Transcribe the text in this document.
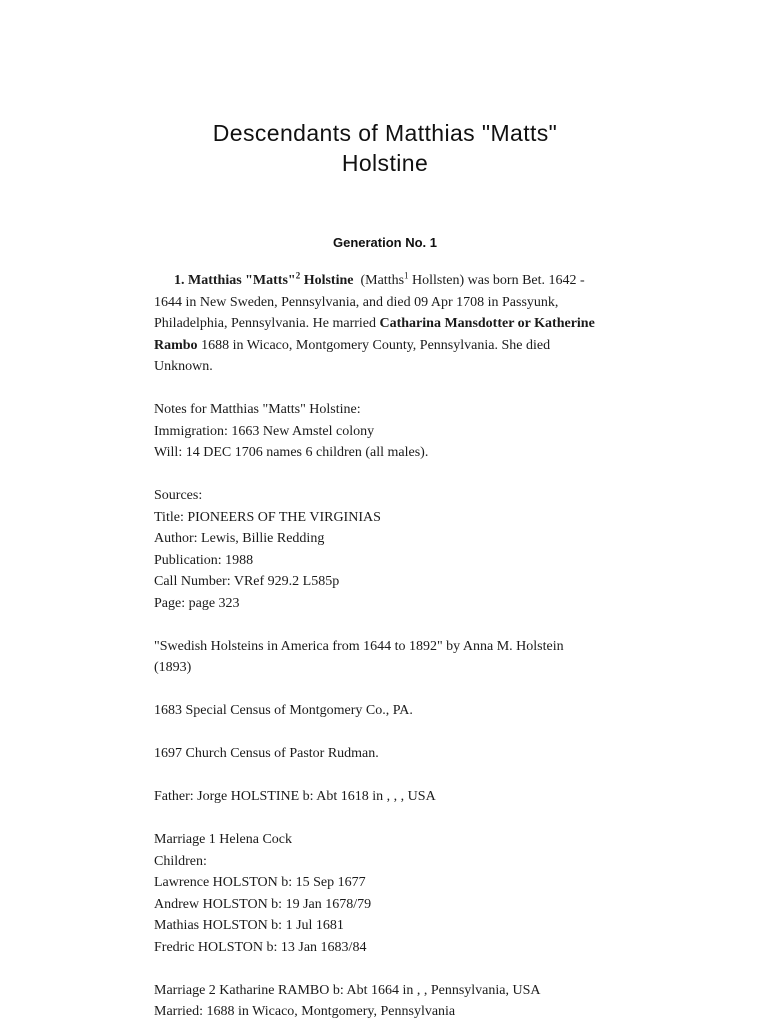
Descendants of Matthias "Matts"
Holstine
Generation No. 1

1. Matthias "Matts"$^2$ Holstine (Matths$^1$ Hollsten) was born Bet. 1642 - 1644 in New Sweden, Pennsylvania, and died 09 Apr 1708 in Passyunk, Philadelphia, Pennsylvania. He married Catharina Mansdotter or Katherine Rambo 1688 in Wicaco, Montgomery County, Pennsylvania. She died Unknown.

Notes for Matthias "Matts" Holstine:
Immigration: 1663 New Amstel colony
Will: 14 DEC 1706 names 6 children (all males).

Sources:
Title: PIONEERS OF THE VIRGINIAS
Author: Lewis, Billie Redding
Publication: 1988
Call Number: VRef 929.2 L585p
Page: page 323

"Swedish Holsteins in America from 1644 to 1892" by Anna M. Holstein (1893)

1683 Special Census of Montgomery Co., PA.

1697 Church Census of Pastor Rudman.

Father: Jorge HOLSTINE b: Abt 1618 in , , , USA

Marriage 1 Helena Cock
Children:
Lawrence HOLSTON b: 15 Sep 1677
Andrew HOLSTON b: 19 Jan 1678/79
Mathias HOLSTON b: 1 Jul 1681
Fredric HOLSTON b: 13 Jan 1683/84

Marriage 2 Katharine RAMBO b: Abt 1664 in , , Pennsylvania, USA
Married: 1688 in Wicaco, Montgomery, Pennsylvania
